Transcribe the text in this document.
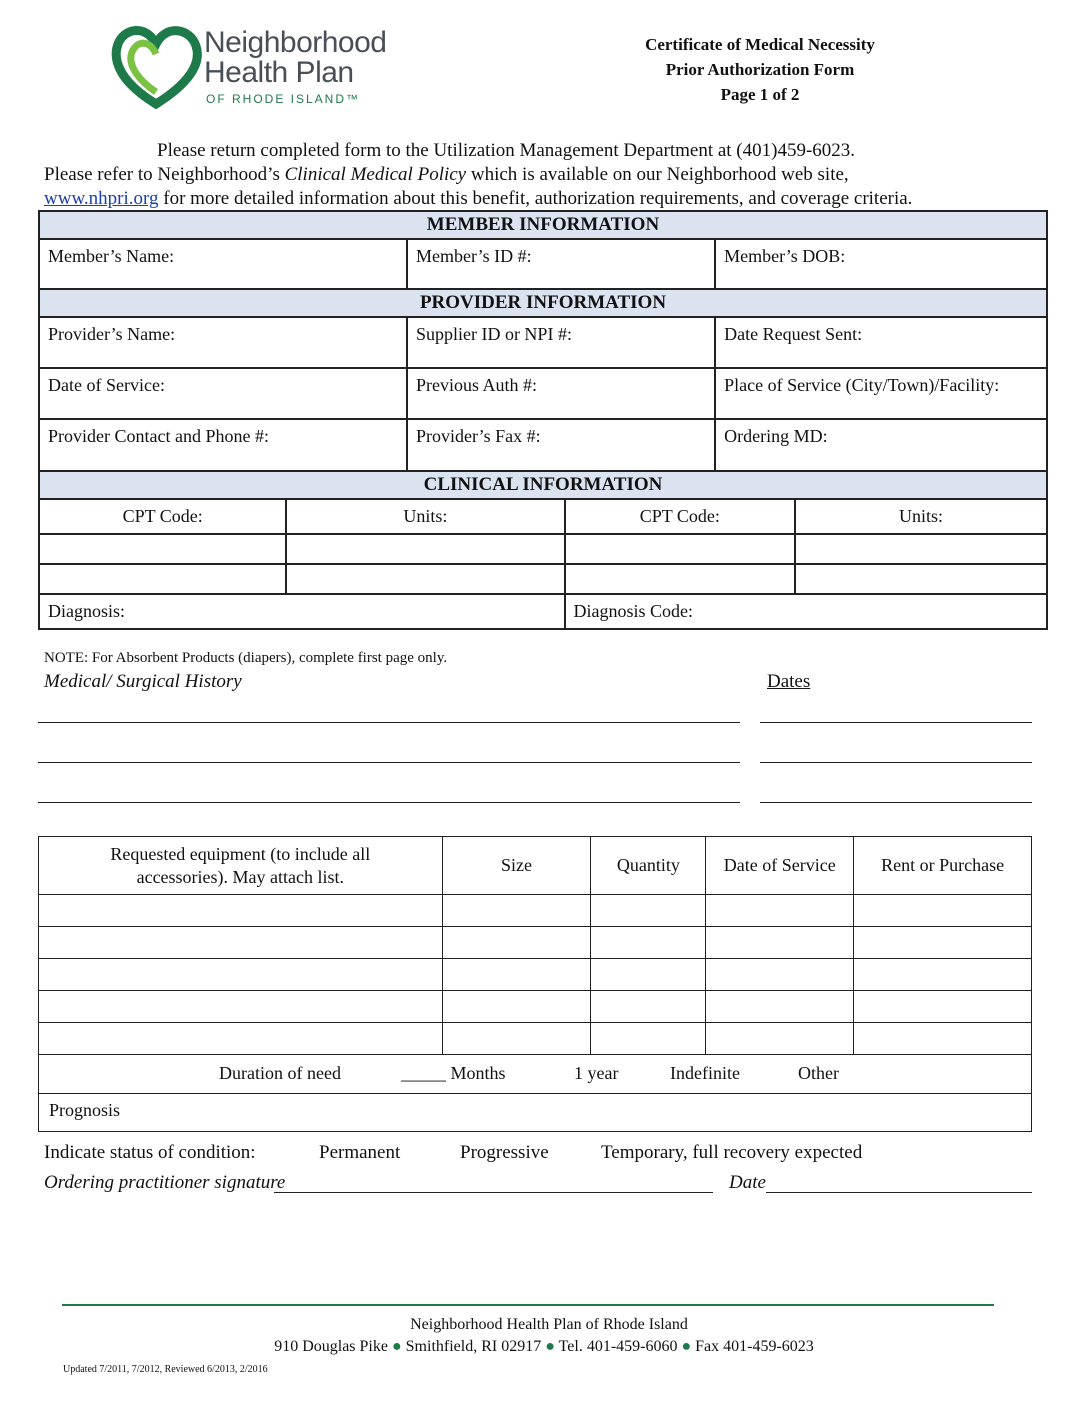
Neighborhood
Health Plan
OF RHODE ISLAND™
Certificate of Medical Necessity
Prior Authorization Form
Page 1 of 2
Please return completed form to the Utilization Management Department at (401)459-6023.
Please refer to Neighborhood’s Clinical Medical Policy which is available on our Neighborhood web site,
www.nhpri.org for more detailed information about this benefit, authorization requirements, and coverage criteria.
MEMBER INFORMATION					
Member’s Name:		Member’s ID #:		Member’s DOB:	
PROVIDER INFORMATION					
Provider’s Name:		Supplier ID or NPI #:		Date Request Sent:	
Date of Service:		Previous Auth #:		Place of Service (City/Town)/Facility:	
Provider Contact and Phone #:		Provider’s Fax #:		Ordering MD:	
CLINICAL INFORMATION					
CPT Code:	Units:		CPT Code:		Units:

Diagnosis:			Diagnosis Code:		
NOTE: For Absorbent Products (diapers), complete first page only.
Medical/ Surgical History	Dates
Requested equipment (to include all accessories). May attach list.	Size	Quantity	Date of Service	Rent or Purchase

Duration of need _____ Months 1 year Indefinite Other				

Prognosis				
Indicate status of condition:	Permanent	Progressive	Temporary, full recovery expected
Ordering practitioner signature	Date
Neighborhood Health Plan of Rhode Island
910 Douglas Pike ● Smithfield, RI 02917 ● Tel. 401-459-6060 ● Fax 401-459-6023
Updated 7/2011, 7/2012, Reviewed 6/2013, 2/2016
